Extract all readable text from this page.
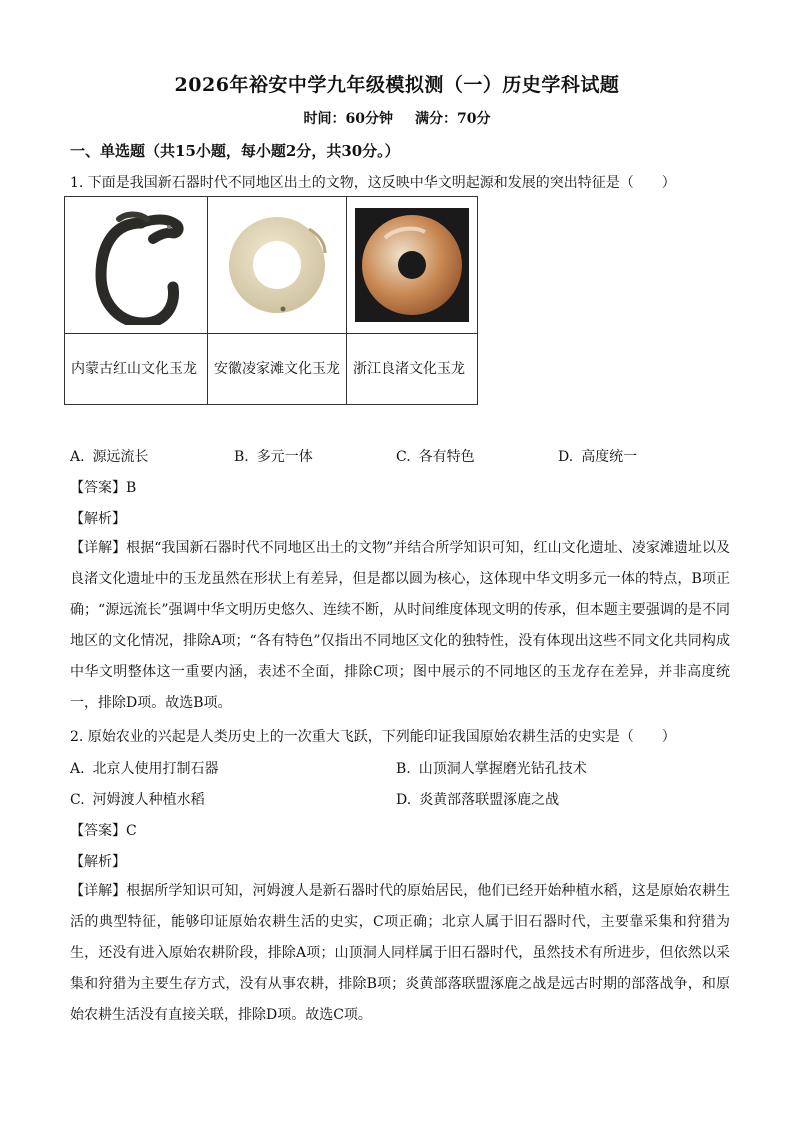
2026年裕安中学九年级模拟测（一）历史学科试题
时间：60分钟 满分：70分
一、单选题（共15小题，每小题2分，共30分。）
1. 下面是我国新石器时代不同地区出土的文物，这反映中华文明起源和发展的突出特征是（　　）

内蒙古红山文化玉龙	安徽凌家滩文化玉龙	浙江良渚文化玉龙
A. 源远流长	B. 多元一体	C. 各有特色	D. 高度统一
【答案】B
【解析】
【详解】根据“我国新石器时代不同地区出土的文物”并结合所学知识可知，红山文化遗址、凌家滩遗址以及良渚文化遗址中的玉龙虽然在形状上有差异，但是都以圆为核心，这体现中华文明多元一体的特点，B项正确；“源远流长”强调中华文明历史悠久、连续不断，从时间维度体现文明的传承，但本题主要强调的是不同地区的文化情况，排除A项；“各有特色”仅指出不同地区文化的独特性，没有体现出这些不同文化共同构成中华文明整体这一重要内涵，表述不全面，排除C项；图中展示的不同地区的玉龙存在差异，并非高度统一，排除D项。故选B项。
2. 原始农业的兴起是人类历史上的一次重大飞跃，下列能印证我国原始农耕生活的史实是（　　）
A. 北京人使用打制石器	B. 山顶洞人掌握磨光钻孔技术
C. 河姆渡人种植水稻	D. 炎黄部落联盟涿鹿之战
【答案】C
【解析】
【详解】根据所学知识可知，河姆渡人是新石器时代的原始居民，他们已经开始种植水稻，这是原始农耕生活的典型特征，能够印证原始农耕生活的史实，C项正确；北京人属于旧石器时代，主要靠采集和狩猎为生，还没有进入原始农耕阶段，排除A项；山顶洞人同样属于旧石器时代，虽然技术有所进步，但依然以采集和狩猎为主要生存方式，没有从事农耕，排除B项；炎黄部落联盟涿鹿之战是远古时期的部落战争，和原始农耕生活没有直接关联，排除D项。故选C项。
